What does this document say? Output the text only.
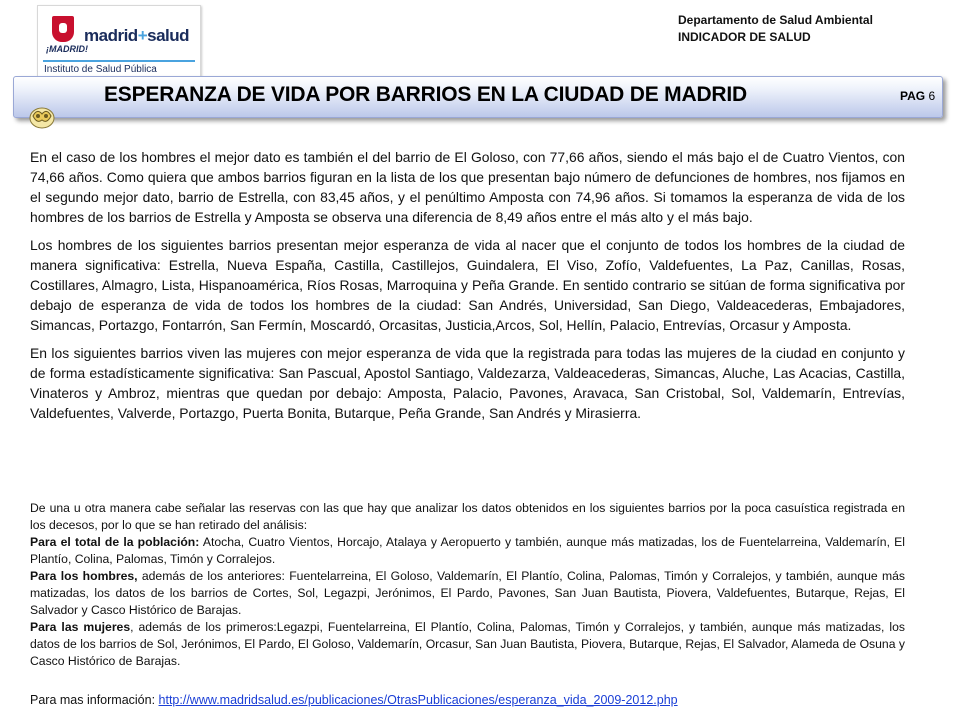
¡MADRID!
madrid+salud
Instituto de Salud Pública
Departamento de Salud Ambiental
INDICADOR DE SALUD
ESPERANZA DE VIDA POR BARRIOS EN LA CIUDAD DE MADRID	PAG 6

En el caso de los hombres el mejor dato es también el del barrio de El Goloso, con 77,66 años, siendo el más bajo el de Cuatro Vientos, con 74,66 años. Como quiera que ambos barrios figuran en la lista de los que presentan bajo número de defunciones de hombres, nos fijamos en el segundo mejor dato, barrio de Estrella, con 83,45 años, y el penúltimo Amposta con 74,96 años. Si tomamos la esperanza de vida de los hombres de los barrios de Estrella y Amposta se observa una diferencia de 8,49 años entre el más alto y el más bajo.

Los hombres de los siguientes barrios presentan mejor esperanza de vida al nacer que el conjunto de todos los hombres de la ciudad de manera significativa: Estrella, Nueva España, Castilla, Castillejos, Guindalera, El Viso, Zofío, Valdefuentes, La Paz, Canillas, Rosas, Costillares, Almagro, Lista, Hispanoamérica, Ríos Rosas, Marroquina y Peña Grande. En sentido contrario se sitúan de forma significativa por debajo de esperanza de vida de todos los hombres de la ciudad: San Andrés, Universidad, San Diego, Valdeacederas, Embajadores, Simancas, Portazgo, Fontarrón, San Fermín, Moscardó, Orcasitas, Justicia,Arcos, Sol, Hellín, Palacio, Entrevías, Orcasur y Amposta.

En los siguientes barrios viven las mujeres con mejor esperanza de vida que la registrada para todas las mujeres de la ciudad en conjunto y de forma estadísticamente significativa: San Pascual, Apostol Santiago, Valdezarza, Valdeacederas, Simancas, Aluche, Las Acacias, Castilla, Vinateros y Ambroz, mientras que quedan por debajo: Amposta, Palacio, Pavones, Aravaca, San Cristobal, Sol, Valdemarín, Entrevías, Valdefuentes, Valverde, Portazgo, Puerta Bonita, Butarque, Peña Grande, San Andrés y Mirasierra.

De una u otra manera cabe señalar las reservas con las que hay que analizar los datos obtenidos en los siguientes barrios por la poca casuística registrada en los decesos, por lo que se han retirado del análisis:

Para el total de la población: Atocha, Cuatro Vientos, Horcajo, Atalaya y Aeropuerto y también, aunque más matizadas, los de Fuentelarreina, Valdemarín, El Plantío, Colina, Palomas, Timón y Corralejos.

Para los hombres, además de los anteriores: Fuentelarreina, El Goloso, Valdemarín, El Plantío, Colina, Palomas, Timón y Corralejos, y también, aunque más matizadas, los datos de los barrios de Cortes, Sol, Legazpi, Jerónimos, El Pardo, Pavones, San Juan Bautista, Piovera, Valdefuentes, Butarque, Rejas, El Salvador y Casco Histórico de Barajas.

Para las mujeres, además de los primeros:Legazpi, Fuentelarreina, El Plantío, Colina, Palomas, Timón y Corralejos, y también, aunque más matizadas, los datos de los barrios de Sol, Jerónimos, El Pardo, El Goloso, Valdemarín, Orcasur, San Juan Bautista, Piovera, Butarque, Rejas, El Salvador, Alameda de Osuna y Casco Histórico de Barajas.

Para mas información: http://www.madridsalud.es/publicaciones/OtrasPublicaciones/esperanza_vida_2009-2012.php
